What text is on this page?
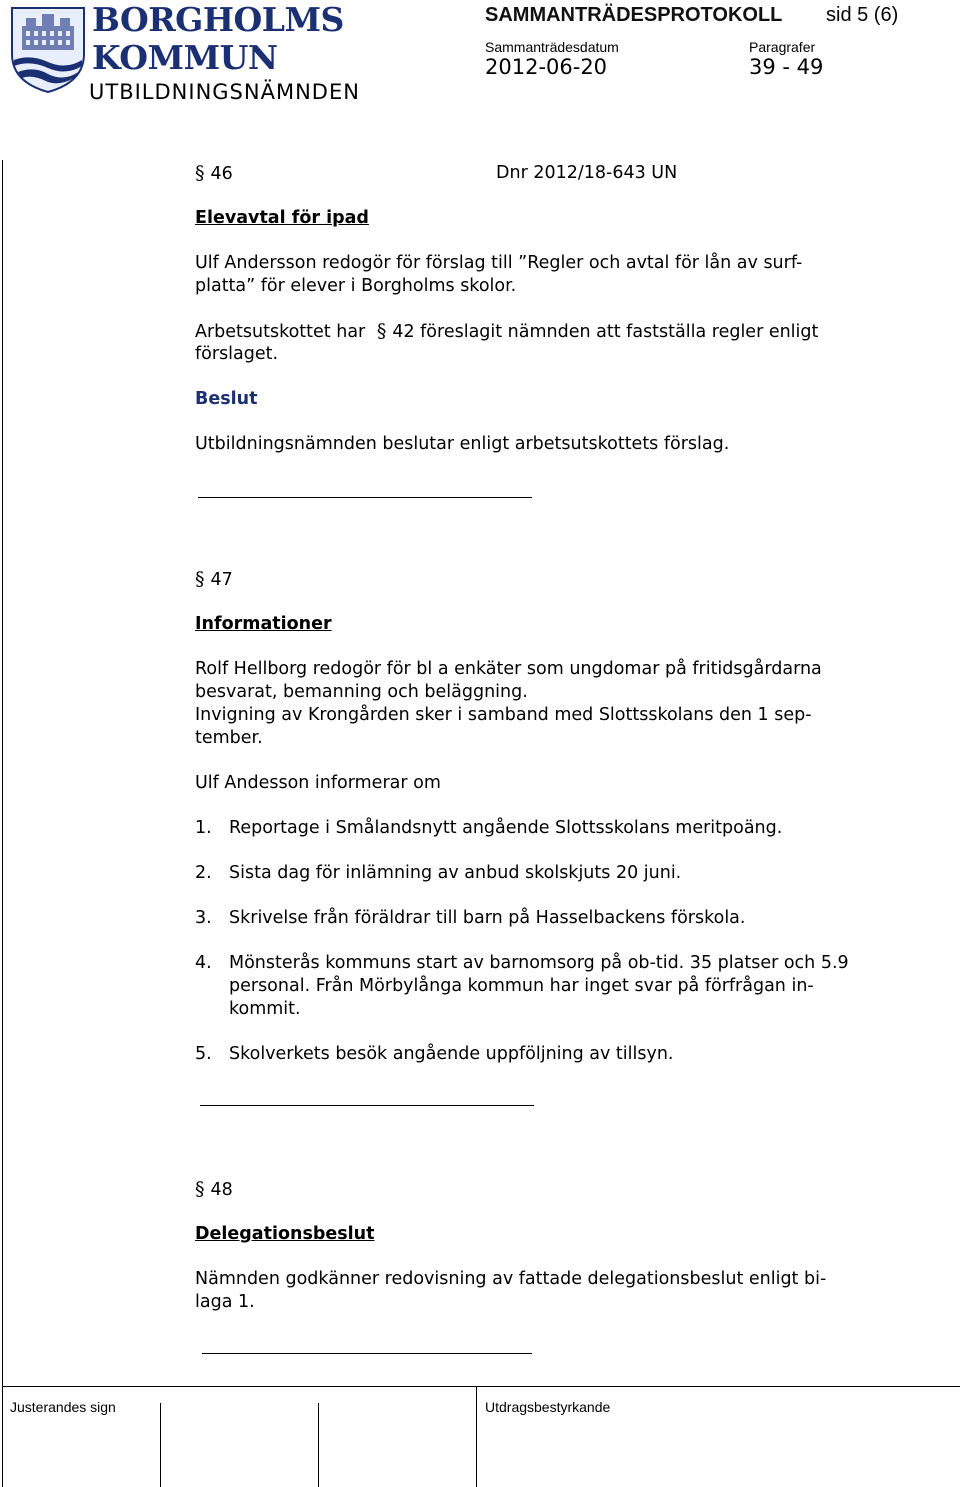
BORGHOLMS
KOMMUN
UTBILDNINGSNÄMNDEN
SAMMANTRÄDESPROTOKOLL sid 5 (6)
Sammanträdesdatum	Paragrafer
2012-06-20	39 - 49
§ 46	Dnr 2012/18-643 UN
Elevavtal för ipad
Ulf Andersson redogör för förslag till ”Regler och avtal för lån av surf-
platta” för elever i Borgholms skolor.
Arbetsutskottet har § 42 föreslagit nämnden att fastställa regler enligt
förslaget.
Beslut
Utbildningsnämnden beslutar enligt arbetsutskottets förslag.
§ 47
Informationer
Rolf Hellborg redogör för bl a enkäter som ungdomar på fritidsgårdarna
besvarat, bemanning och beläggning.
Invigning av Krongården sker i samband med Slottsskolans den 1 sep-
tember.
Ulf Andesson informerar om
1. Reportage i Smålandsnytt angående Slottsskolans meritpoäng.
2. Sista dag för inlämning av anbud skolskjuts 20 juni.
3. Skrivelse från föräldrar till barn på Hasselbackens förskola.
4. Mönsterås kommuns start av barnomsorg på ob-tid. 35 platser och 5.9
personal. Från Mörbylånga kommun har inget svar på förfrågan in-
kommit.
5. Skolverkets besök angående uppföljning av tillsyn.
§ 48
Delegationsbeslut
Nämnden godkänner redovisning av fattade delegationsbeslut enligt bi-
laga 1.
Justerandes sign	Utdragsbestyrkande
